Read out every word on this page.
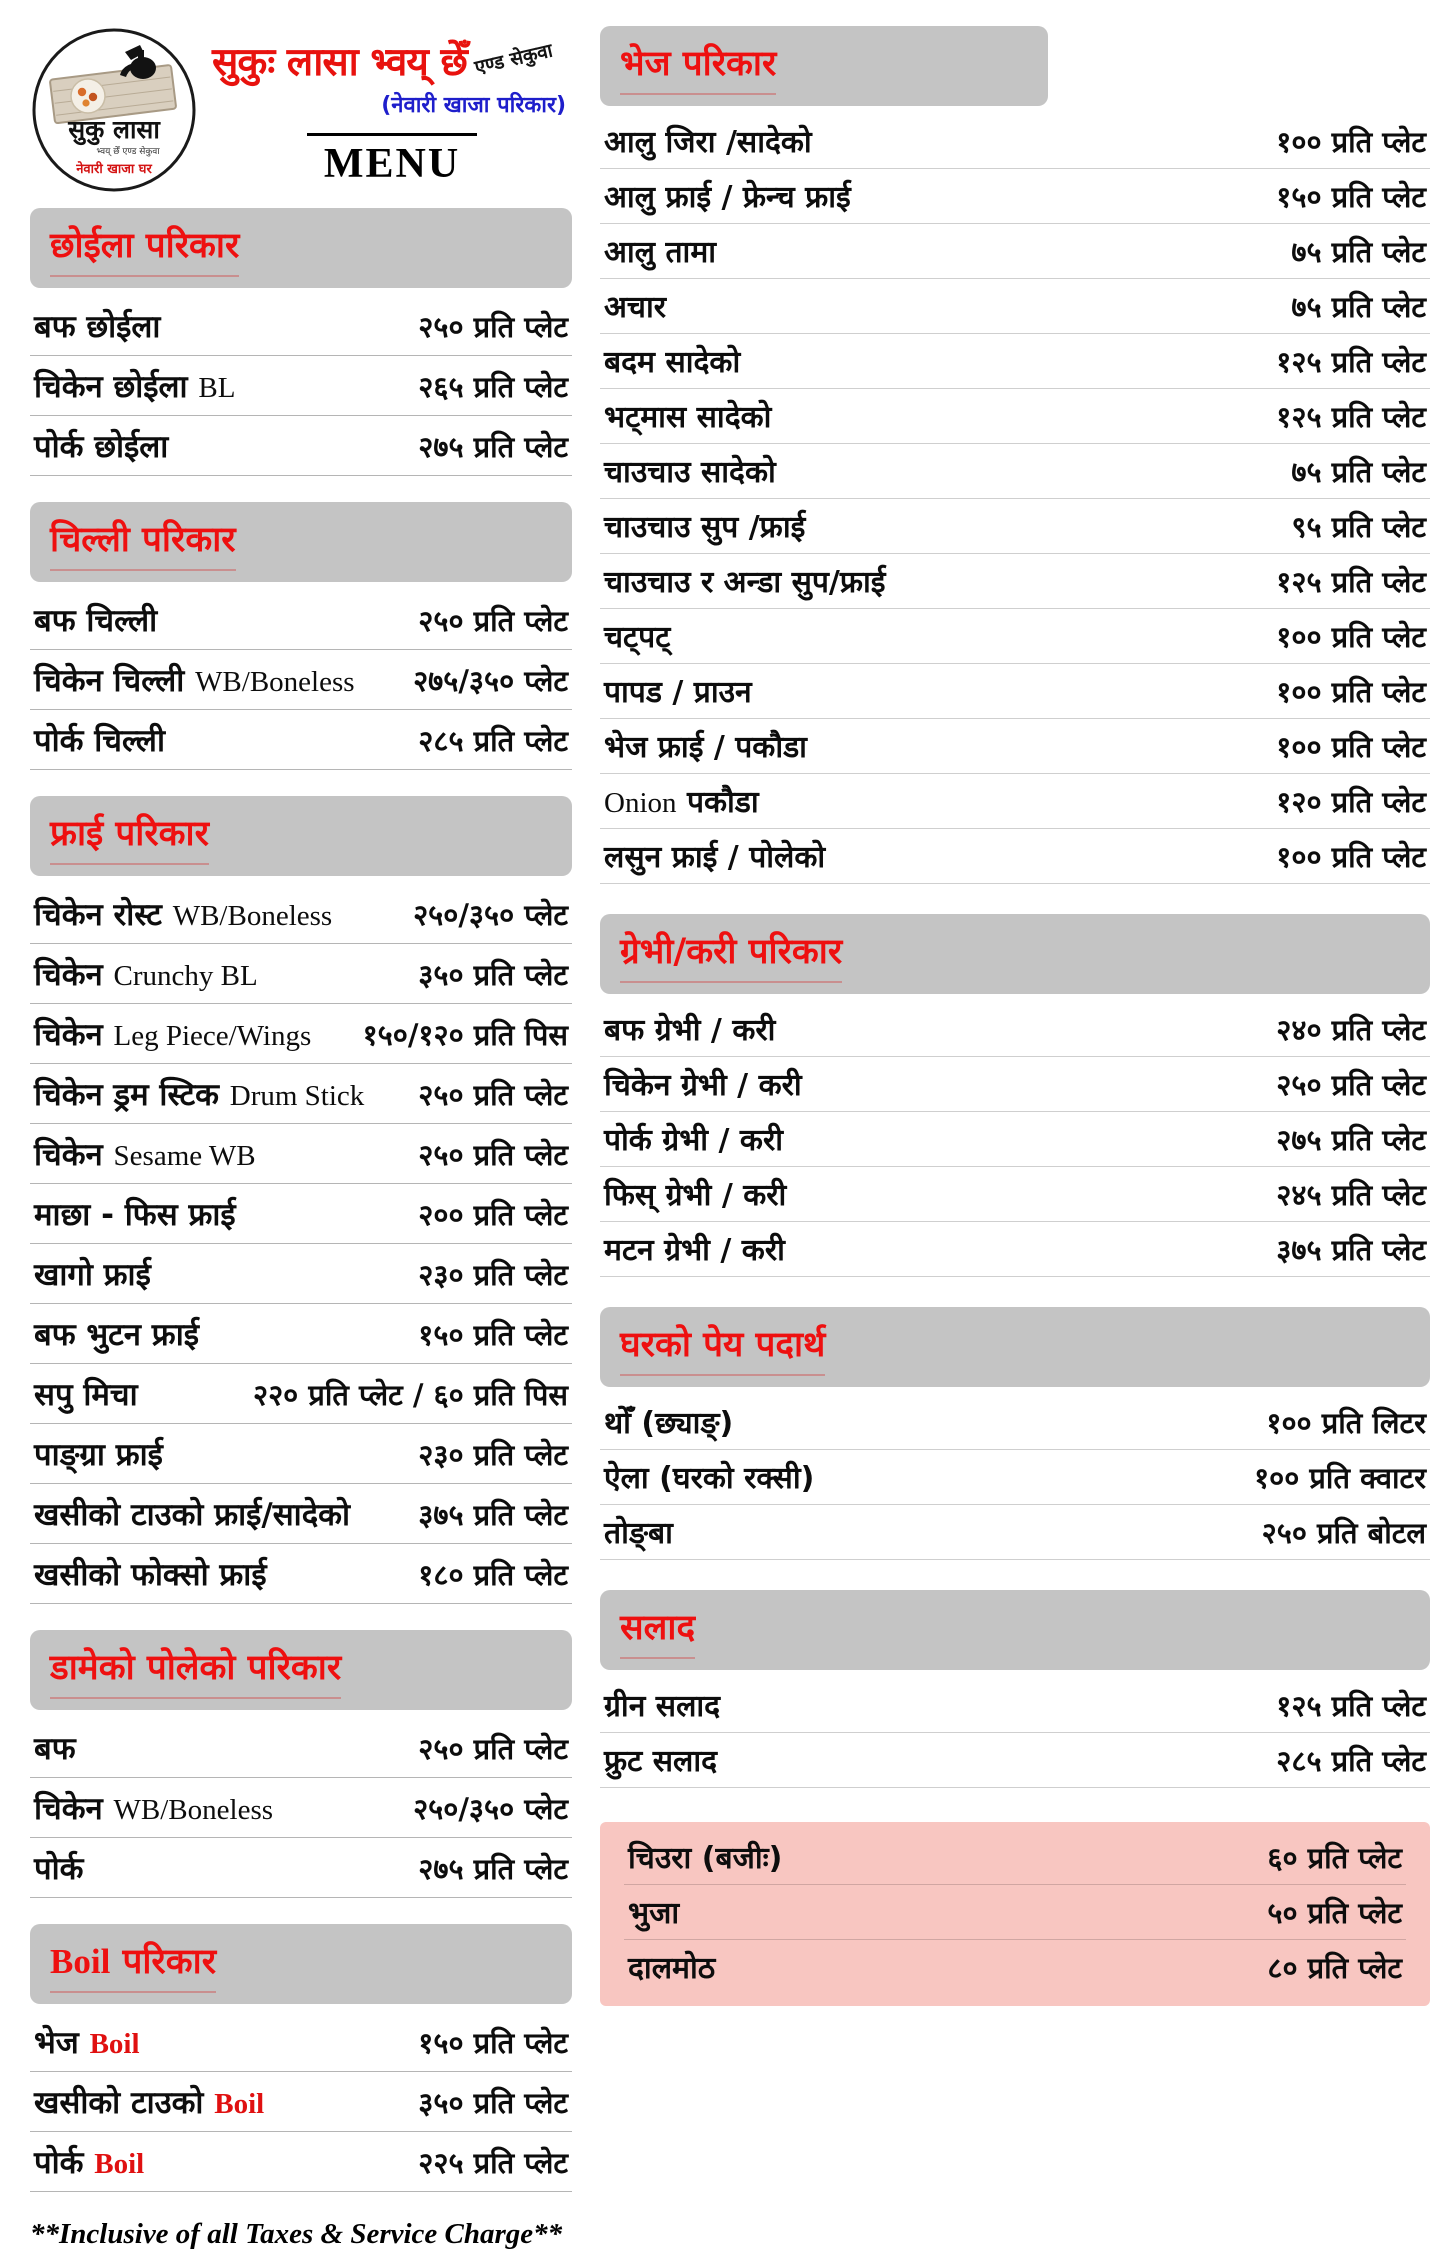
सुकु लासा
भ्वय् छेँ एण्ड सेकुवा
नेवारी खाजा घर
सुकुः लासा भ्वय् छेँ एण्ड सेकुवा
(नेवारी खाजा परिकार)
MENU
छोईला परिकार
बफ छोईला	२५० प्रति प्लेट
चिकेन छोईला BL	२६५ प्रति प्लेट
पोर्क छोईला	२७५ प्रति प्लेट
चिल्ली परिकार
बफ चिल्ली	२५० प्रति प्लेट
चिकेन चिल्ली WB/Boneless	२७५/३५० प्लेट
पोर्क चिल्ली	२८५ प्रति प्लेट
फ्राई परिकार
चिकेन रोस्ट WB/Boneless	२५०/३५० प्लेट
चिकेन Crunchy BL	३५० प्रति प्लेट
चिकेन Leg Piece/Wings	१५०/१२० प्रति पिस
चिकेन ड्रम स्टिक Drum Stick	२५० प्रति प्लेट
चिकेन Sesame WB	२५० प्रति प्लेट
माछा - फिस फ्राई	२०० प्रति प्लेट
खागो फ्राई	२३० प्रति प्लेट
बफ भुटन फ्राई	१५० प्रति प्लेट
सपु मिचा	२२० प्रति प्लेट / ६० प्रति पिस
पाङ्ग्रा फ्राई	२३० प्रति प्लेट
खसीको टाउको फ्राई/सादेको	३७५ प्रति प्लेट
खसीको फोक्सो फ्राई	१८० प्रति प्लेट
डामेको पोलेको परिकार
बफ	२५० प्रति प्लेट
चिकेन WB/Boneless	२५०/३५० प्लेट
पोर्क	२७५ प्रति प्लेट
Boil परिकार
भेज Boil	१५० प्रति प्लेट
खसीको टाउको Boil	३५० प्रति प्लेट
पोर्क Boil	२२५ प्रति प्लेट
**Inclusive of all Taxes & Service Charge**
भेज परिकार
आलु जिरा /सादेको	१०० प्रति प्लेट
आलु फ्राई / फ्रेन्च फ्राई	१५० प्रति प्लेट
आलु तामा	७५ प्रति प्लेट
अचार	७५ प्रति प्लेट
बदम सादेको	१२५ प्रति प्लेट
भट्मास सादेको	१२५ प्रति प्लेट
चाउचाउ सादेको	७५ प्रति प्लेट
चाउचाउ सुप /फ्राई	९५ प्रति प्लेट
चाउचाउ र अन्डा सुप/फ्राई	१२५ प्रति प्लेट
चट्पट्	१०० प्रति प्लेट
पापड / प्राउन	१०० प्रति प्लेट
भेज फ्राई / पकौडा	१०० प्रति प्लेट
Onion पकौडा	१२० प्रति प्लेट
लसुन फ्राई / पोलेको	१०० प्रति प्लेट
ग्रेभी/करी परिकार
बफ ग्रेभी / करी	२४० प्रति प्लेट
चिकेन ग्रेभी / करी	२५० प्रति प्लेट
पोर्क ग्रेभी / करी	२७५ प्रति प्लेट
फिस् ग्रेभी / करी	२४५ प्रति प्लेट
मटन ग्रेभी / करी	३७५ प्रति प्लेट
घरको पेय पदार्थ
थोँ (छ्याङ्)	१०० प्रति लिटर
ऐला (घरको रक्सी)	१०० प्रति क्वाटर
तोङ्बा	२५० प्रति बोटल
सलाद
ग्रीन सलाद	१२५ प्रति प्लेट
फ्रुट सलाद	२८५ प्रति प्लेट
चिउरा (बजीः)	६० प्रति प्लेट
भुजा	५० प्रति प्लेट
दालमोठ	८० प्रति प्लेट
